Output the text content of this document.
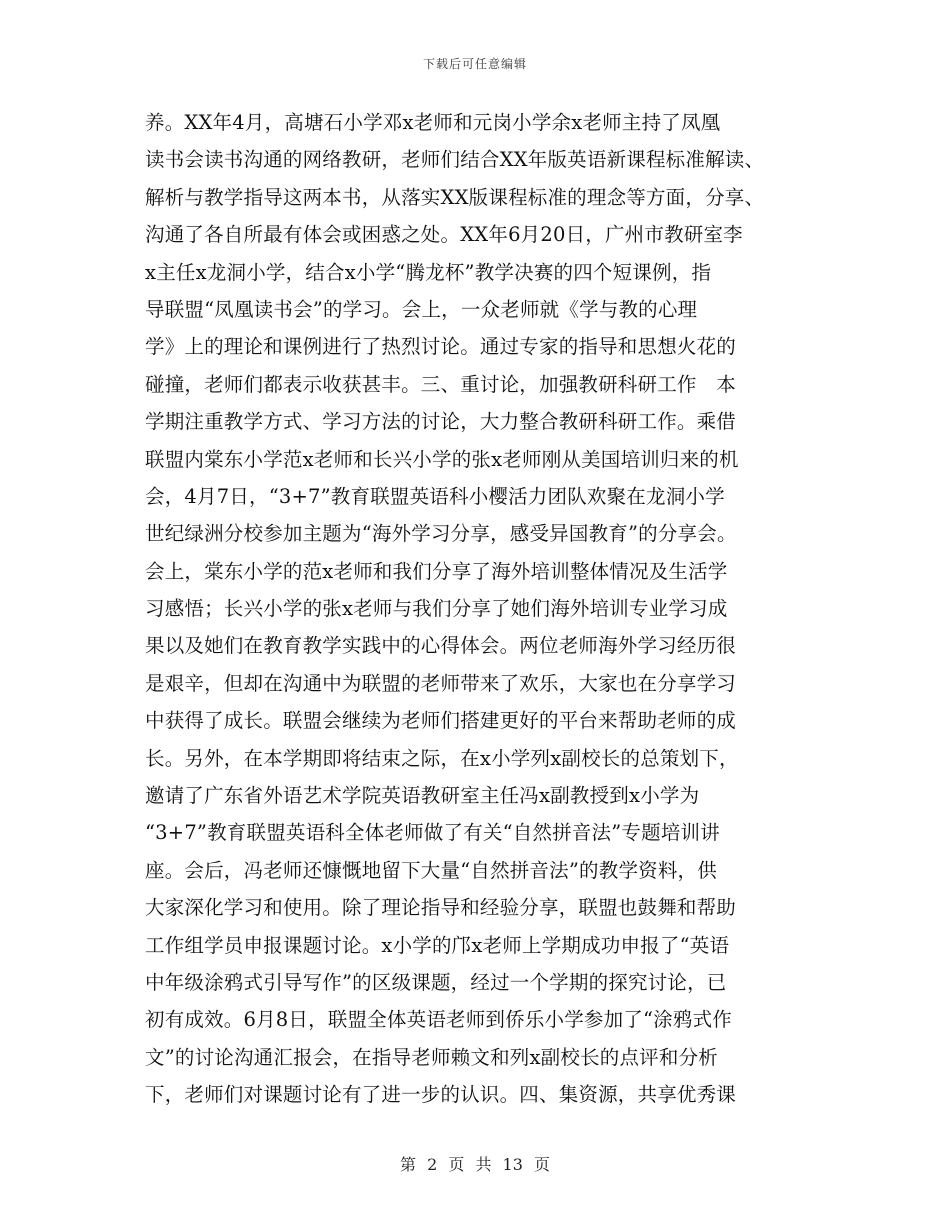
下载后可任意编辑
养。XX年4月，高塘石小学邓x老师和元岗小学余x老师主持了凤凰
读书会读书沟通的网络教研，老师们结合XX年版英语新课程标准解读、
解析与教学指导这两本书，从落实XX版课程标准的理念等方面，分享、
沟通了各自所最有体会或困惑之处。XX年6月20日，广州市教研室李
x主任x龙洞小学，结合x小学“腾龙杯”教学决赛的四个短课例，指
导联盟“凤凰读书会”的学习。会上，一众老师就《学与教的心理
学》上的理论和课例进行了热烈讨论。通过专家的指导和思想火花的
碰撞，老师们都表示收获甚丰。三、重讨论，加强教研科研工作　本
学期注重教学方式、学习方法的讨论，大力整合教研科研工作。乘借
联盟内棠东小学范x老师和长兴小学的张x老师刚从美国培训归来的机
会，4月7日，“3+7”教育联盟英语科小樱活力团队欢聚在龙洞小学
世纪绿洲分校参加主题为“海外学习分享，感受异国教育”的分享会。
会上，棠东小学的范x老师和我们分享了海外培训整体情况及生活学
习感悟；长兴小学的张x老师与我们分享了她们海外培训专业学习成
果以及她们在教育教学实践中的心得体会。两位老师海外学习经历很
是艰辛，但却在沟通中为联盟的老师带来了欢乐，大家也在分享学习
中获得了成长。联盟会继续为老师们搭建更好的平台来帮助老师的成
长。另外，在本学期即将结束之际，在x小学列x副校长的总策划下，
邀请了广东省外语艺术学院英语教研室主任冯x副教授到x小学为
“3+7”教育联盟英语科全体老师做了有关“自然拼音法”专题培训讲
座。会后，冯老师还慷慨地留下大量“自然拼音法”的教学资料，供
大家深化学习和使用。除了理论指导和经验分享，联盟也鼓舞和帮助
工作组学员申报课题讨论。x小学的邝x老师上学期成功申报了“英语
中年级涂鸦式引导写作”的区级课题，经过一个学期的探究讨论，已
初有成效。6月8日，联盟全体英语老师到侨乐小学参加了“涂鸦式作
文”的讨论沟通汇报会，在指导老师赖文和列x副校长的点评和分析
下，老师们对课题讨论有了进一步的认识。四、集资源，共享优秀课
第 2 页 共 13 页
